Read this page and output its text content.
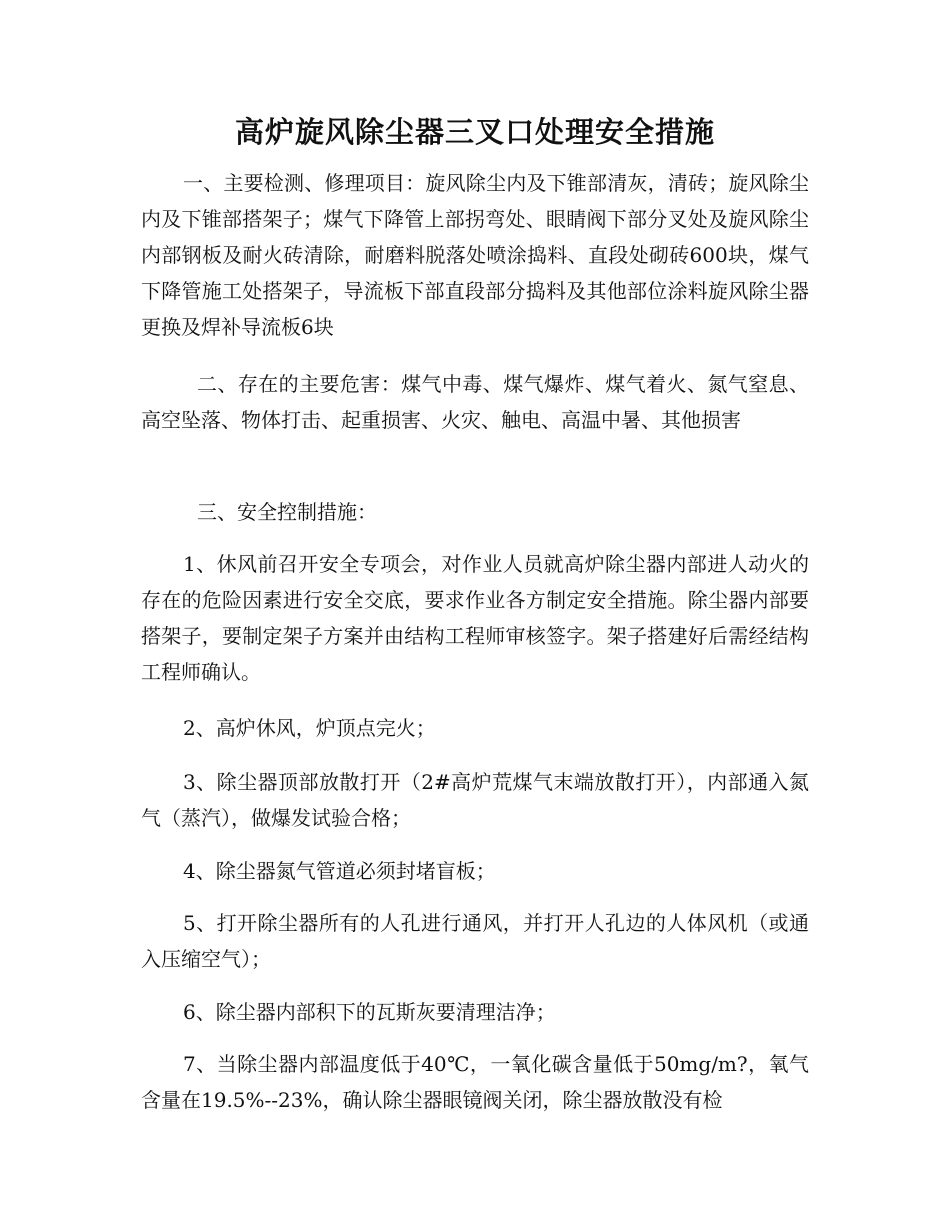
高炉旋风除尘器三叉口处理安全措施

一、主要检测、修理项目：旋风除尘内及下锥部清灰，清砖；旋风除尘内及下锥部搭架子；煤气下降管上部拐弯处、眼睛阀下部分叉处及旋风除尘内部钢板及耐火砖清除，耐磨料脱落处喷涂捣料、直段处砌砖600块，煤气下降管施工处搭架子，导流板下部直段部分捣料及其他部位涂料旋风除尘器更换及焊补导流板6块

二、存在的主要危害：煤气中毒、煤气爆炸、煤气着火、氮气窒息、高空坠落、物体打击、起重损害、火灾、触电、高温中暑、其他损害

三、安全控制措施：

1、休风前召开安全专项会，对作业人员就高炉除尘器内部进人动火的存在的危险因素进行安全交底，要求作业各方制定安全措施。除尘器内部要搭架子，要制定架子方案并由结构工程师审核签字。架子搭建好后需经结构工程师确认。

2、高炉休风，炉顶点完火；

3、除尘器顶部放散打开（2#高炉荒煤气末端放散打开），内部通入氮气（蒸汽），做爆发试验合格；

4、除尘器氮气管道必须封堵盲板；

5、打开除尘器所有的人孔进行通风，并打开人孔边的人体风机（或通入压缩空气）；

6、除尘器内部积下的瓦斯灰要清理洁净；

7、当除尘器内部温度低于40℃，一氧化碳含量低于50mg/m?，氧气含量在19.5%--23%，确认除尘器眼镜阀关闭，除尘器放散没有检
